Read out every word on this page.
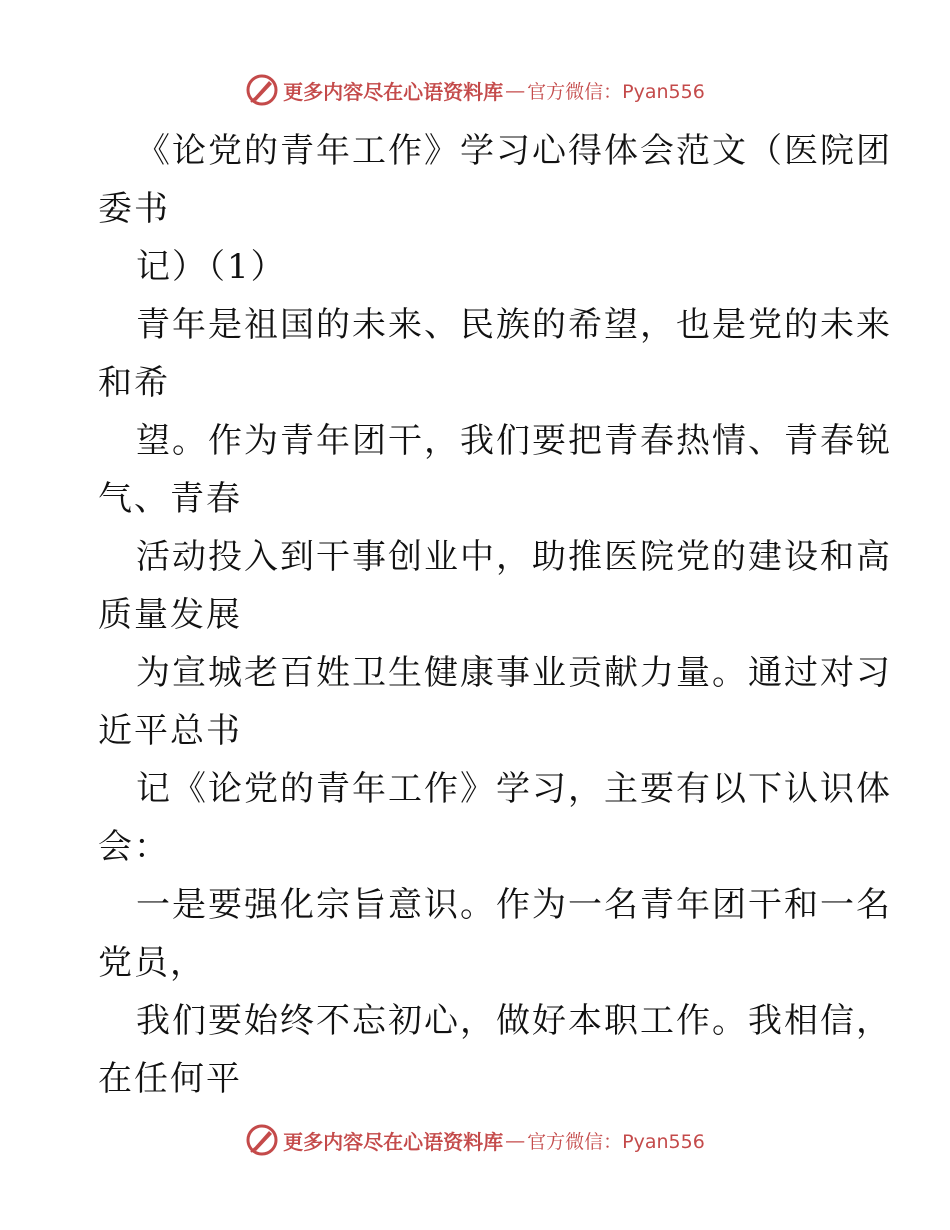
更多内容尽在心语资料库 — 官方微信：Pyan556
《论党的青年工作》学习心得体会范文（医院团
委书
记）（1）
青年是祖国的未来、民族的希望，也是党的未来
和希
望。作为青年团干，我们要把青春热情、青春锐
气、青春
活动投入到干事创业中，助推医院党的建设和高
质量发展
为宣城老百姓卫生健康事业贡献力量。通过对习
近平总书
记《论党的青年工作》学习，主要有以下认识体
会：
一是要强化宗旨意识。作为一名青年团干和一名
党员，
我们要始终不忘初心，做好本职工作。我相信，
在任何平
更多内容尽在心语资料库 — 官方微信：Pyan556
